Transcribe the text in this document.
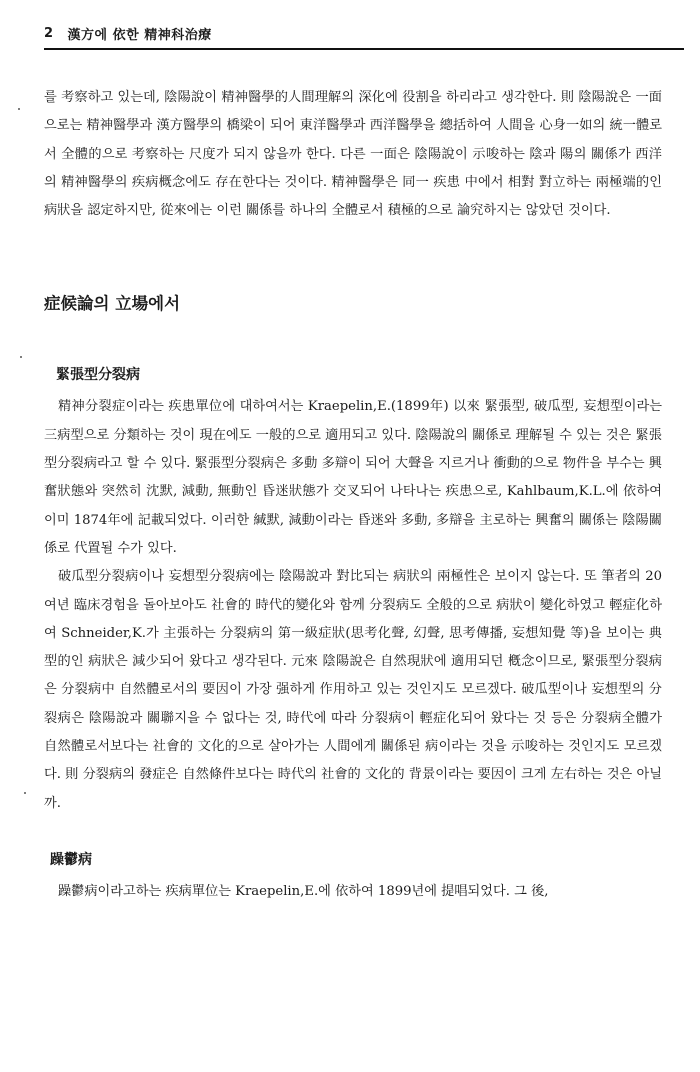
2 漢方에 依한 精神科治療

를 考察하고 있는데, 陰陽說이 精神醫學的人間理解의 深化에 役割을 하리라고 생각한다. 則 陰陽說은 一面으로는 精神醫學과 漢方醫學의 橋梁이 되어 東洋醫學과 西洋醫學을 總括하여 人間을 心身一如의 統一體로서 全體的으로 考察하는 尺度가 되지 않을까 한다. 다른 一面은 陰陽說이 示唆하는 陰과 陽의 關係가 西洋의 精神醫學의 疾病概念에도 存在한다는 것이다. 精神醫學은 同一 疾患 中에서 相對 對立하는 兩極端的인 病狀을 認定하지만, 從來에는 이런 關係를 하나의 全體로서 積極的으로 論究하지는 않았던 것이다.

症候論의 立場에서
緊張型分裂病

精神分裂症이라는 疾患單位에 대하여서는 Kraepelin,E.(1899年) 以來 緊張型, 破瓜型, 妄想型이라는 三病型으로 分類하는 것이 現在에도 一般的으로 適用되고 있다. 陰陽說의 關係로 理解될 수 있는 것은 緊張型分裂病라고 할 수 있다. 緊張型分裂病은 多動 多辯이 되어 大聲을 지르거나 衝動的으로 物件을 부수는 興奮狀態와 突然히 沈默, 減動, 無動인 昏迷狀態가 交叉되어 나타나는 疾患으로, Kahlbaum,K.L.에 依하여 이미 1874年에 記載되었다. 이러한 緘默, 減動이라는 昏迷와 多動, 多辯을 主로하는 興奮의 關係는 陰陽關係로 代置될 수가 있다.

破瓜型分裂病이나 妄想型分裂病에는 陰陽說과 對比되는 病狀의 兩極性은 보이지 않는다. 또 筆者의 20여년 臨床경험을 돌아보아도 社會的 時代的變化와 함께 分裂病도 全般的으로 病狀이 變化하였고 輕症化하여 Schneider,K.가 主張하는 分裂病의 第一級症狀(思考化聲, 幻聲, 思考傳播, 妄想知覺 等)을 보이는 典型的인 病狀은 減少되어 왔다고 생각된다. 元來 陰陽說은 自然現狀에 適用되던 槪念이므로, 緊張型分裂病은 分裂病中 自然體로서의 要因이 가장 强하게 作用하고 있는 것인지도 모르겠다. 破瓜型이나 妄想型의 分裂病은 陰陽說과 關聯지을 수 없다는 것, 時代에 따라 分裂病이 輕症化되어 왔다는 것 등은 分裂病全體가 自然體로서보다는 社會的 文化的으로 살아가는 人間에게 關係된 病이라는 것을 示唆하는 것인지도 모르겠다. 則 分裂病의 發症은 自然條件보다는 時代의 社會的 文化的 背景이라는 要因이 크게 左右하는 것은 아닐까.

躁鬱病

躁鬱病이라고하는 疾病單位는 Kraepelin,E.에 依하여 1899년에 提唱되었다. 그 後,
